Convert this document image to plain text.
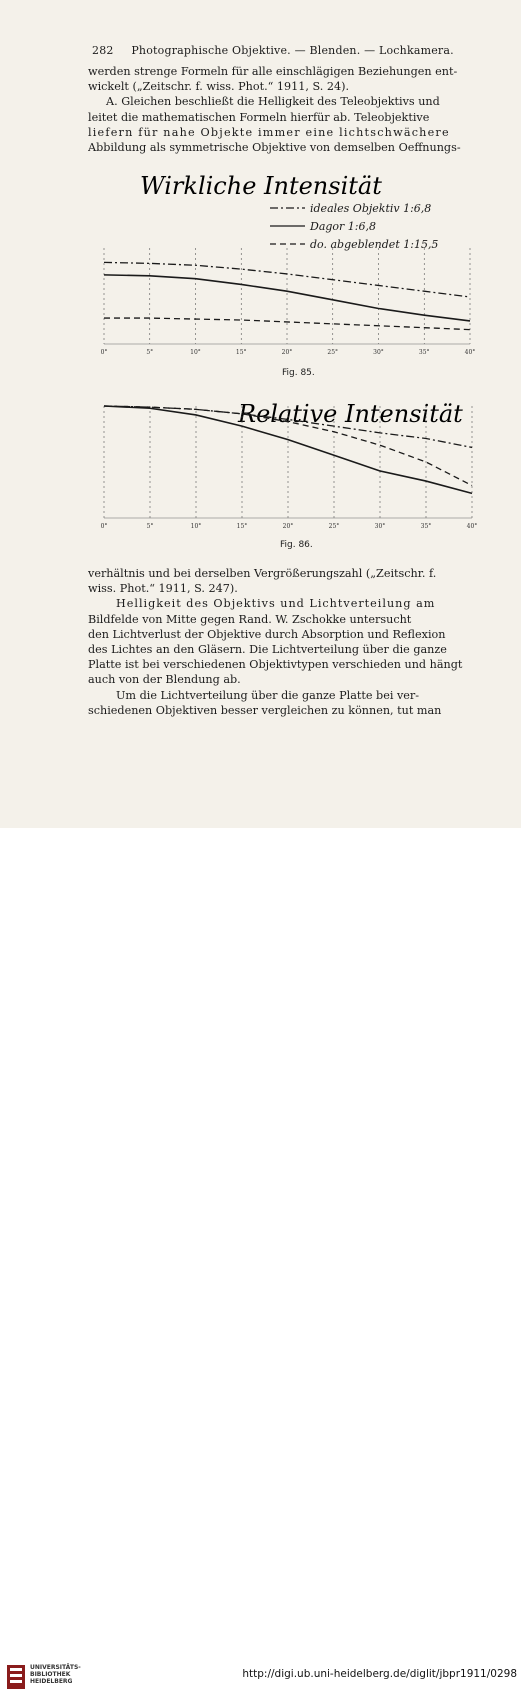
282 Photographische Objektive. — Blenden. — Lochkamera.
werden strenge Formeln für alle einschlägigen Beziehungen ent-
wickelt („Zeitschr. f. wiss. Phot.“ 1911, S. 24).
A. Gleichen beschließt die Helligkeit des Teleobjektivs und
leitet die mathematischen Formeln hierfür ab. Teleobjektive
liefern für nahe Objekte immer eine lichtschwächere
Abbildung als symmetrische Objektive von demselben Oeffnungs-
Wirkliche Intensität
ideales Objektiv 1:6,8
Dagor 1:6,8
do. abgeblendet 1:15,5
0°	5°	10°	15°	20°	25°	30°	35°	40°
Fig. 85.
Relative Intensität
0°	5°	10°	15°	20°	25°	30°	35°	40°
Fig. 86.
verhältnis und bei derselben Vergrößerungszahl („Zeitschr. f.
wiss. Phot.“ 1911, S. 247).
Helligkeit des Objektivs und Lichtverteilung am
Bildfelde von Mitte gegen Rand. W. Zschokke untersucht
den Lichtverlust der Objektive durch Absorption und Reflexion
des Lichtes an den Gläsern. Die Lichtverteilung über die ganze
Platte ist bei verschiedenen Objektivtypen verschieden und hängt
auch von der Blendung ab.
Um die Lichtverteilung über die ganze Platte bei ver-
schiedenen Objektiven besser vergleichen zu können, tut man
UNIVERSITÄTS-
BIBLIOTHEK
HEIDELBERG
http://digi.ub.uni-heidelberg.de/diglit/jbpr1911/0298
